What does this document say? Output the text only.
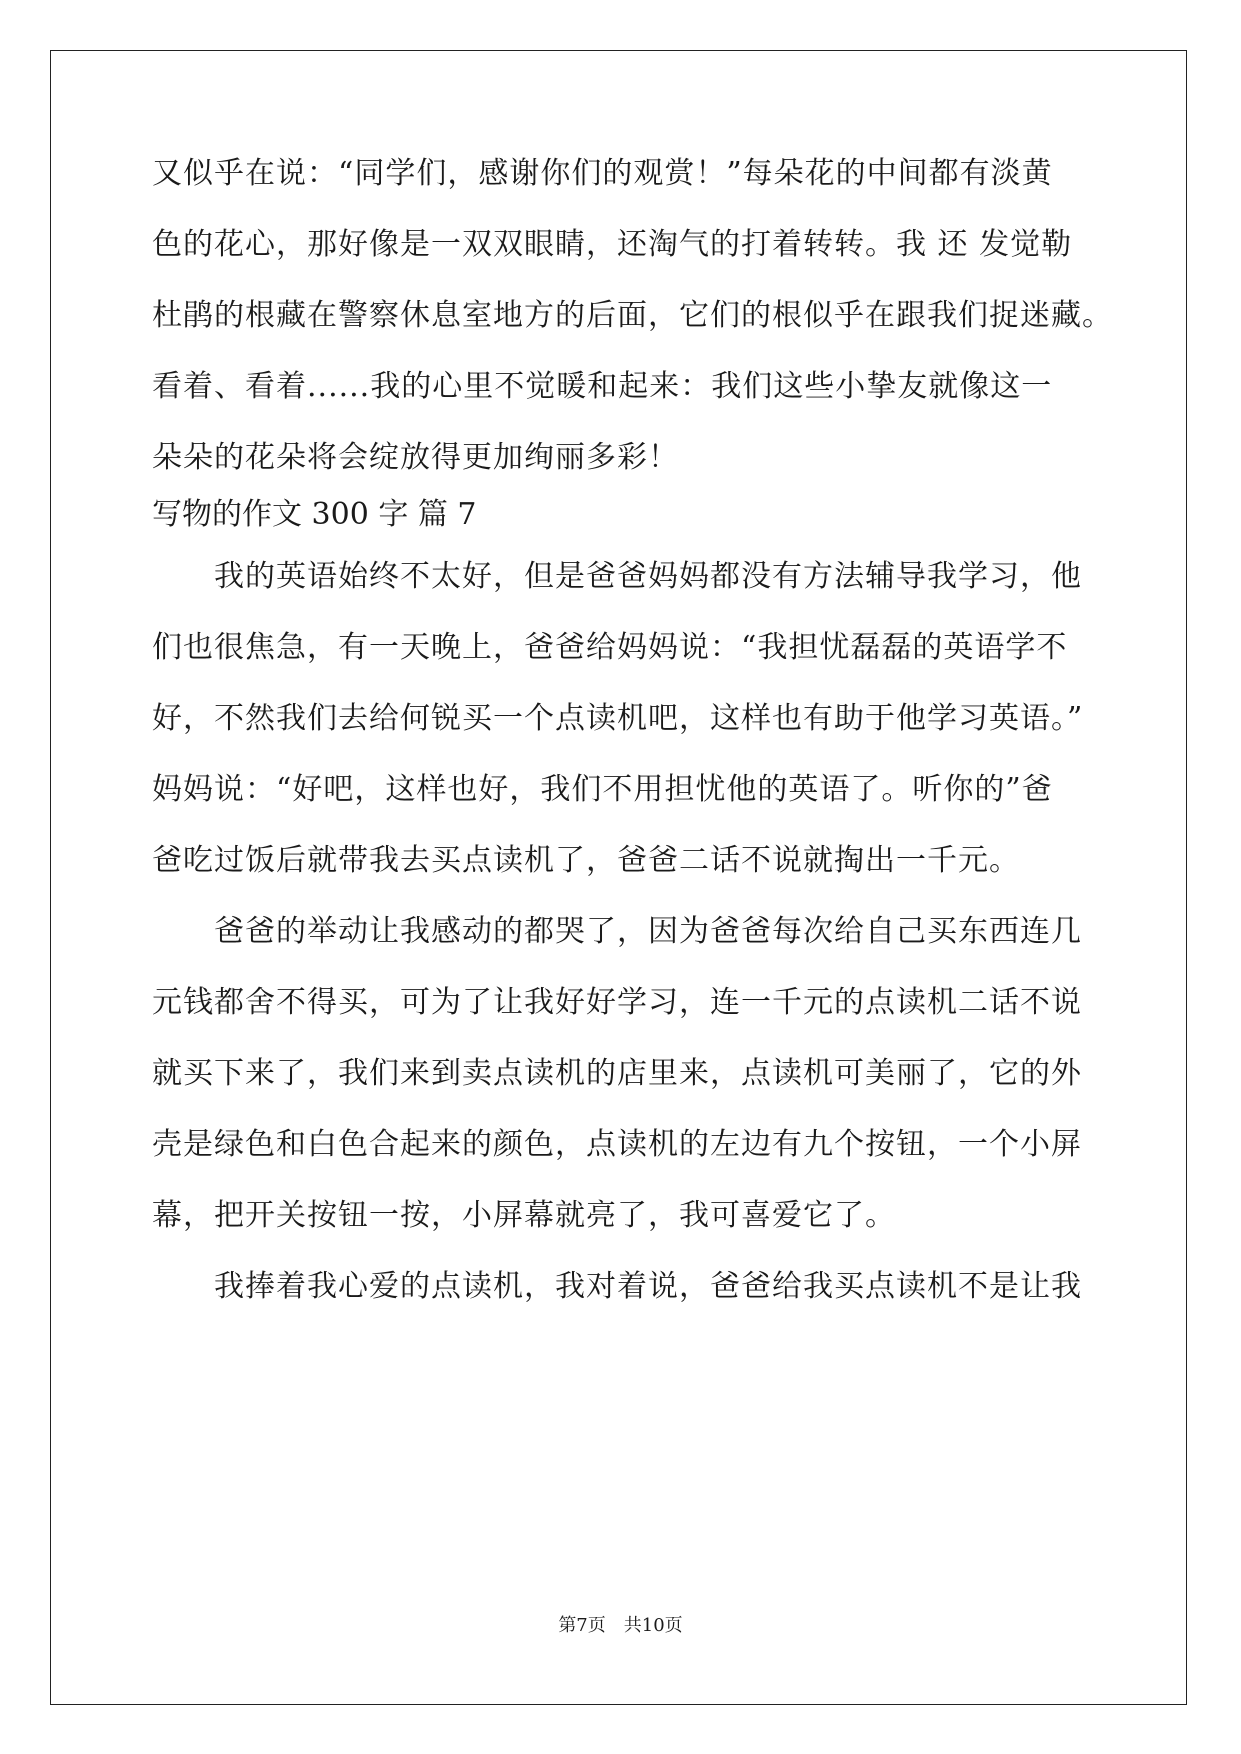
又似乎在说：“同学们，感谢你们的观赏！”每朵花的中间都有淡黄

色的花心，那好像是一双双眼睛，还淘气的打着转转。我 还 发觉勒

杜鹃的根藏在警察休息室地方的后面，它们的根似乎在跟我们捉迷藏。

看着、看着......我的心里不觉暖和起来：我们这些小挚友就像这一

朵朵的花朵将会绽放得更加绚丽多彩！

写物的作文 300 字 篇 7

我的英语始终不太好，但是爸爸妈妈都没有方法辅导我学习，他

们也很焦急，有一天晚上，爸爸给妈妈说：“我担忧磊磊的英语学不

好，不然我们去给何锐买一个点读机吧，这样也有助于他学习英语。”

妈妈说：“好吧，这样也好，我们不用担忧他的英语了。听你的”爸

爸吃过饭后就带我去买点读机了，爸爸二话不说就掏出一千元。

爸爸的举动让我感动的都哭了，因为爸爸每次给自己买东西连几

元钱都舍不得买，可为了让我好好学习，连一千元的点读机二话不说

就买下来了，我们来到卖点读机的店里来，点读机可美丽了，它的外

壳是绿色和白色合起来的颜色，点读机的左边有九个按钮，一个小屏

幕，把开关按钮一按，小屏幕就亮了，我可喜爱它了。

我捧着我心爱的点读机，我对着说，爸爸给我买点读机不是让我

第7页　共10页
